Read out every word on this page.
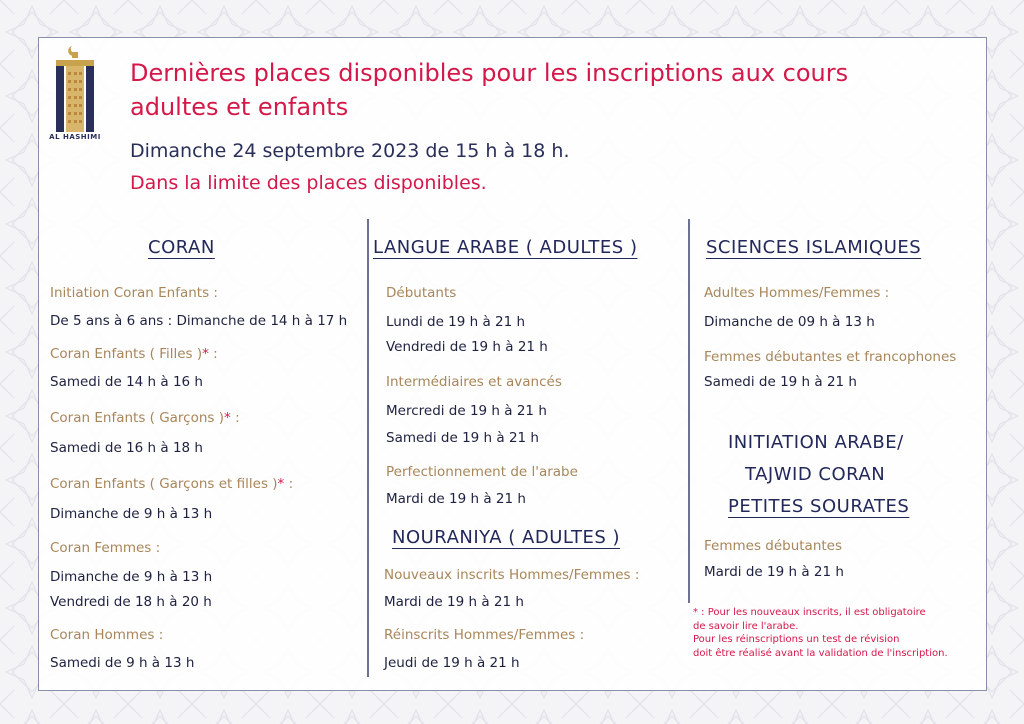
AL HASHIMI
Dernières places disponibles pour les inscriptions aux cours
adultes et enfants
Dimanche 24 septembre 2023 de 15 h à 18 h.
Dans la limite des places disponibles.
CORAN
Initiation Coran Enfants :
De 5 ans à 6 ans : Dimanche de 14 h à 17 h
Coran Enfants ( Filles )* :
Samedi de 14 h à 16 h
Coran Enfants ( Garçons )* :
Samedi de 16 h à 18 h
Coran Enfants ( Garçons et filles )* :
Dimanche de 9 h à 13 h
Coran Femmes :
Dimanche de 9 h à 13 h
Vendredi de 18 h à 20 h
Coran Hommes :
Samedi de 9 h à 13 h
LANGUE ARABE ( ADULTES )
Débutants
Lundi de 19 h à 21 h
Vendredi de 19 h à 21 h
Intermédiaires et avancés
Mercredi de 19 h à 21 h
Samedi de 19 h à 21 h
Perfectionnement de l'arabe
Mardi de 19 h à 21 h
NOURANIYA ( ADULTES )
Nouveaux inscrits Hommes/Femmes :
Mardi de 19 h à 21 h
Réinscrits Hommes/Femmes :
Jeudi de 19 h à 21 h
SCIENCES ISLAMIQUES
Adultes Hommes/Femmes :
Dimanche de 09 h à 13 h
Femmes débutantes et francophones
Samedi de 19 h à 21 h
INITIATION ARABE/
TAJWID CORAN
PETITES SOURATES
Femmes débutantes
Mardi de 19 h à 21 h
* : Pour les nouveaux inscrits, il est obligatoire
de savoir lire l'arabe.
Pour les réinscriptions un test de révision
doit être réalisé avant la validation de l'inscription.
